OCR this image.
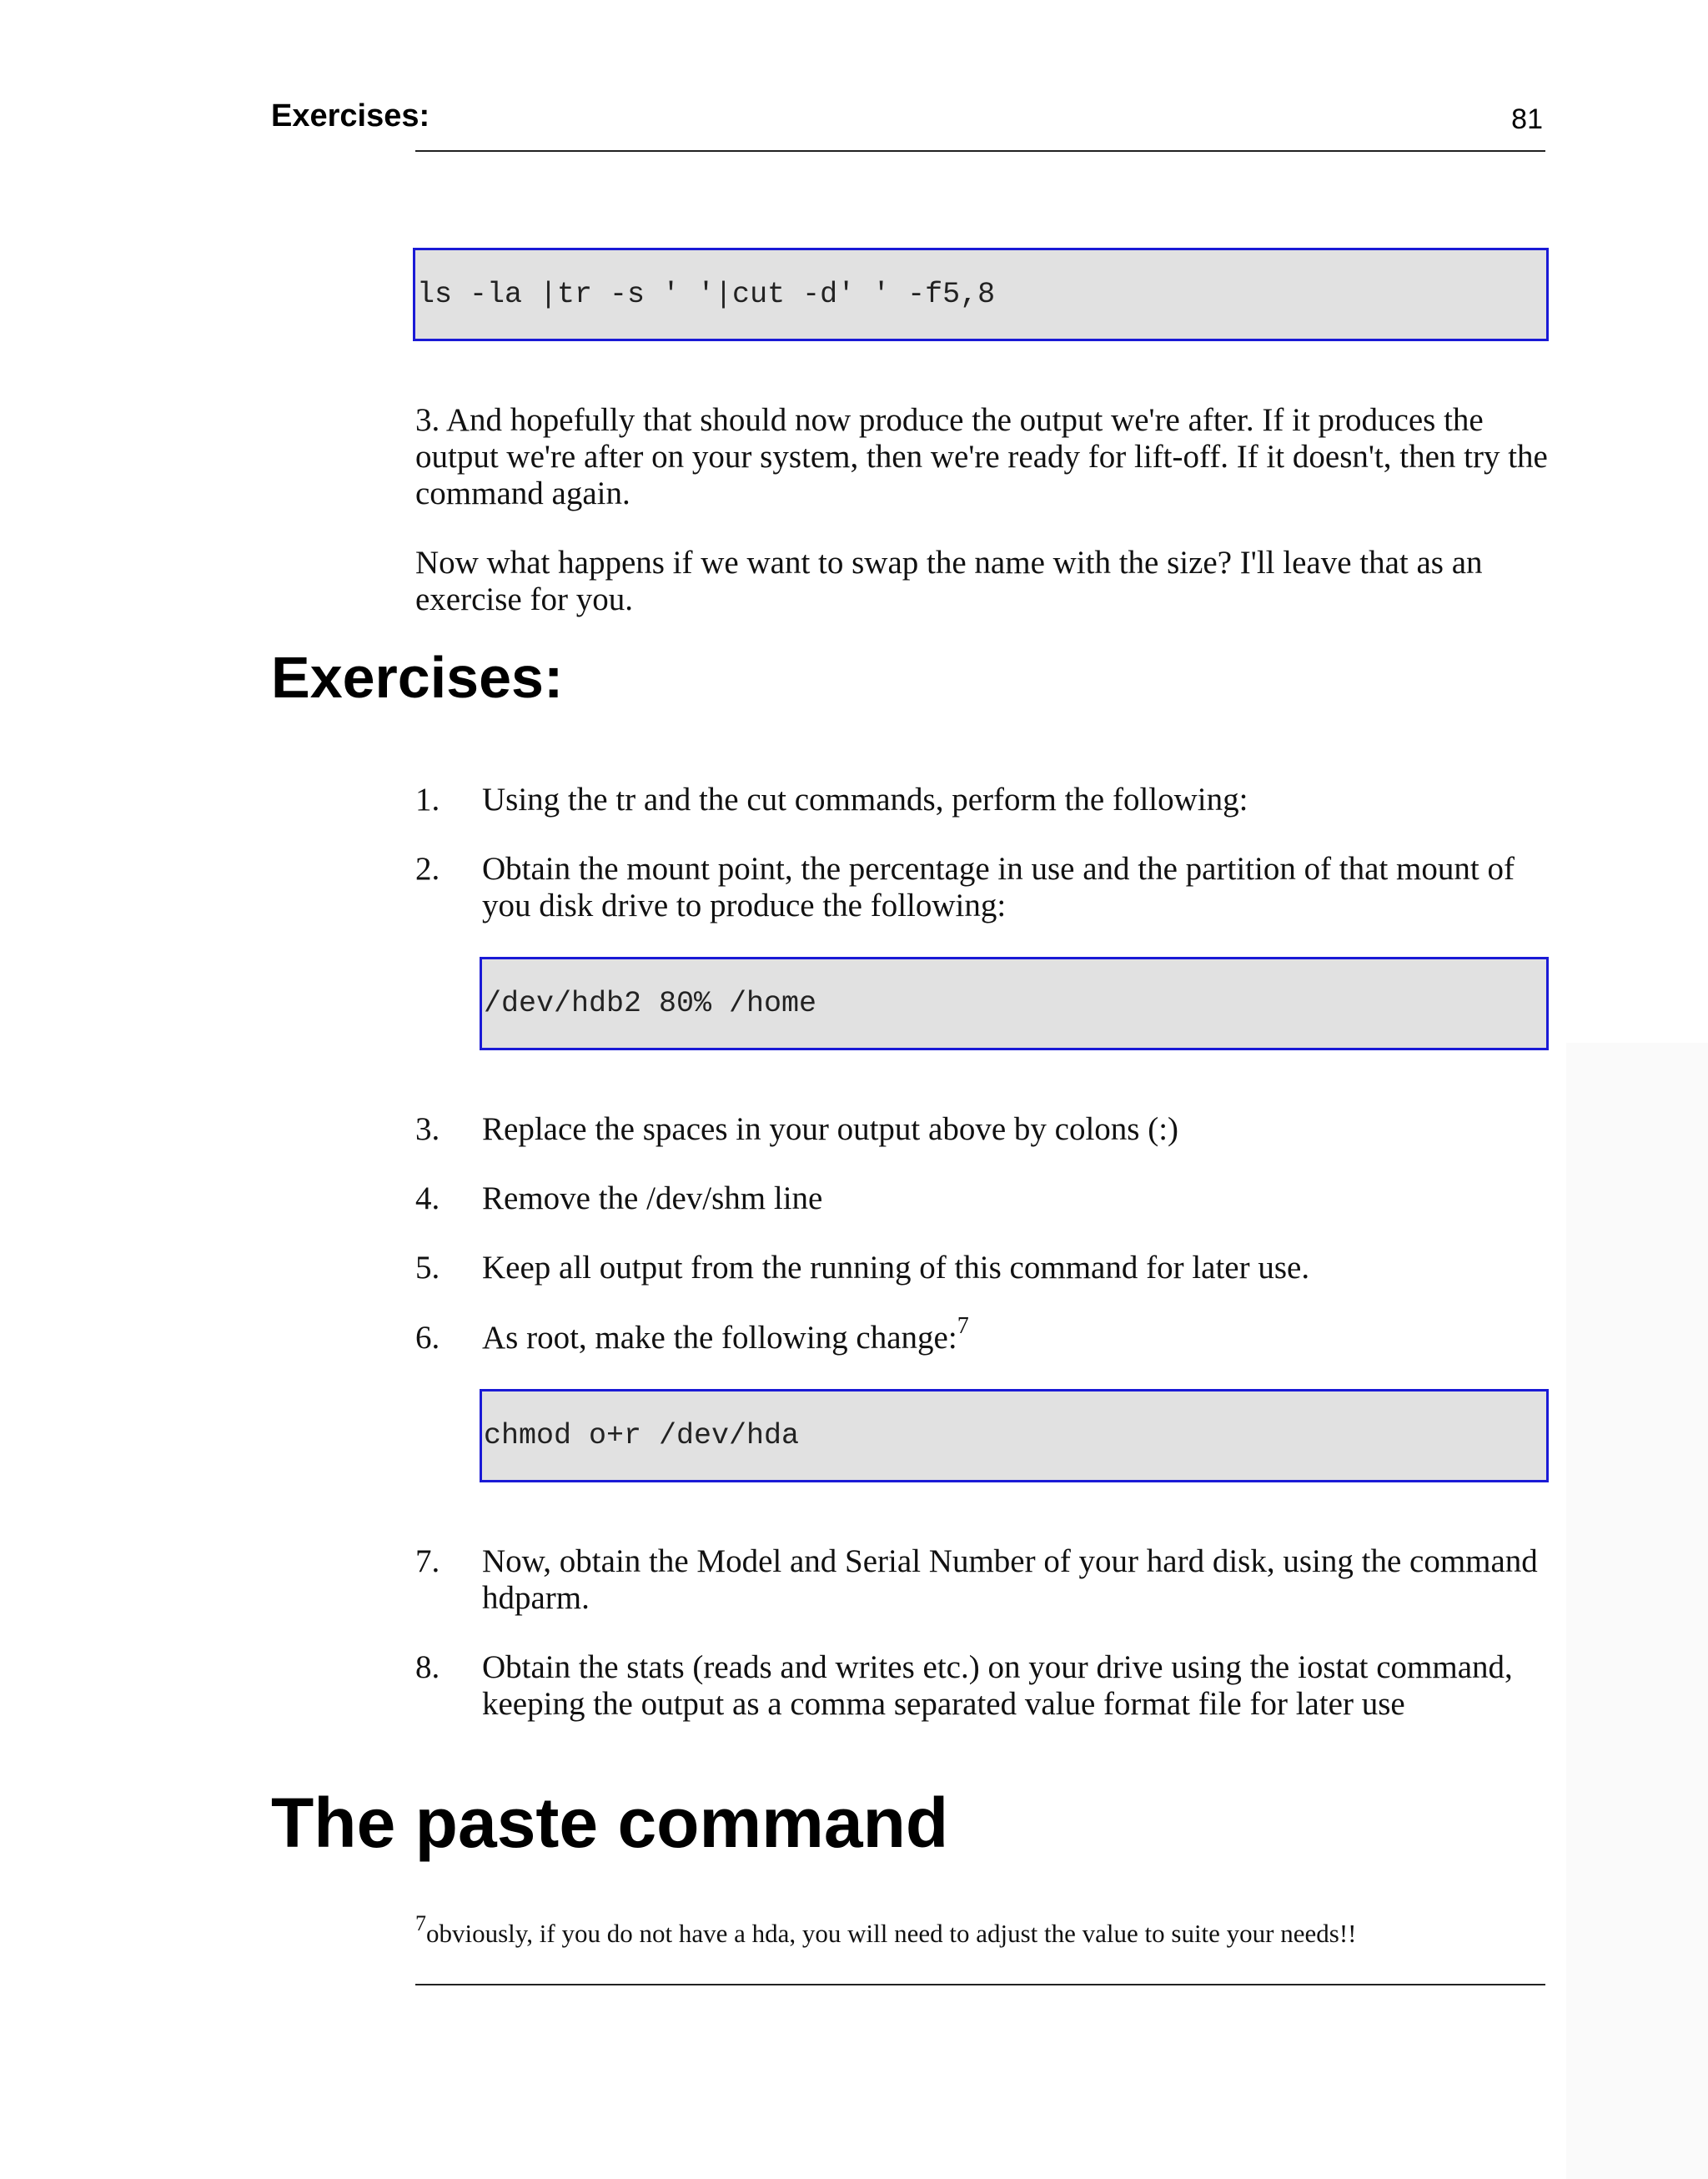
Exercises:	81
ls -la |tr -s ' '|cut -d' ' -f5,8
3. And hopefully that should now produce the output we're after. If it produces the output we're after on your system, then we're ready for lift-off. If it doesn't, then try the command again.
Now what happens if we want to swap the name with the size? I'll leave that as an exercise for you.
Exercises:
1. Using the tr and the cut commands, perform the following:
2. Obtain the mount point, the percentage in use and the partition of that mount of you disk drive to produce the following:
/dev/hdb2 80% /home
3. Replace the spaces in your output above by colons (:)
4. Remove the /dev/shm line
5. Keep all output from the running of this command for later use.
6. As root, make the following change:$^7$
chmod o+r /dev/hda
7. Now, obtain the Model and Serial Number of your hard disk, using the command hdparm.
8. Obtain the stats (reads and writes etc.) on your drive using the iostat command, keeping the output as a comma separated value format file for later use
The paste command
$^7$obviously, if you do not have a hda, you will need to adjust the value to suite your needs!!
